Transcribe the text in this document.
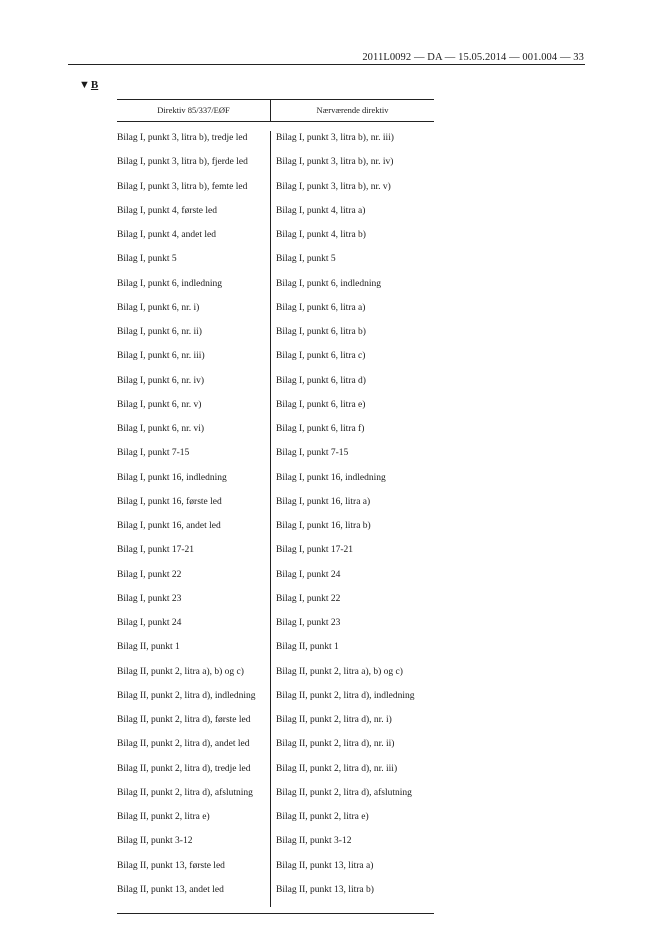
2011L0092 — DA — 15.05.2014 — 001.004 — 33
▼B
Direktiv 85/337/EØF	Nærværende direktiv
Bilag I, punkt 3, litra b), tredje led	Bilag I, punkt 3, litra b), nr. iii)
Bilag I, punkt 3, litra b), fjerde led	Bilag I, punkt 3, litra b), nr. iv)
Bilag I, punkt 3, litra b), femte led	Bilag I, punkt 3, litra b), nr. v)
Bilag I, punkt 4, første led	Bilag I, punkt 4, litra a)
Bilag I, punkt 4, andet led	Bilag I, punkt 4, litra b)
Bilag I, punkt 5	Bilag I, punkt 5
Bilag I, punkt 6, indledning	Bilag I, punkt 6, indledning
Bilag I, punkt 6, nr. i)	Bilag I, punkt 6, litra a)
Bilag I, punkt 6, nr. ii)	Bilag I, punkt 6, litra b)
Bilag I, punkt 6, nr. iii)	Bilag I, punkt 6, litra c)
Bilag I, punkt 6, nr. iv)	Bilag I, punkt 6, litra d)
Bilag I, punkt 6, nr. v)	Bilag I, punkt 6, litra e)
Bilag I, punkt 6, nr. vi)	Bilag I, punkt 6, litra f)
Bilag I, punkt 7-15	Bilag I, punkt 7-15
Bilag I, punkt 16, indledning	Bilag I, punkt 16, indledning
Bilag I, punkt 16, første led	Bilag I, punkt 16, litra a)
Bilag I, punkt 16, andet led	Bilag I, punkt 16, litra b)
Bilag I, punkt 17-21	Bilag I, punkt 17-21
Bilag I, punkt 22	Bilag I, punkt 24
Bilag I, punkt 23	Bilag I, punkt 22
Bilag I, punkt 24	Bilag I, punkt 23
Bilag II, punkt 1	Bilag II, punkt 1
Bilag II, punkt 2, litra a), b) og c)	Bilag II, punkt 2, litra a), b) og c)
Bilag II, punkt 2, litra d), indledning	Bilag II, punkt 2, litra d), indledning
Bilag II, punkt 2, litra d), første led	Bilag II, punkt 2, litra d), nr. i)
Bilag II, punkt 2, litra d), andet led	Bilag II, punkt 2, litra d), nr. ii)
Bilag II, punkt 2, litra d), tredje led	Bilag II, punkt 2, litra d), nr. iii)
Bilag II, punkt 2, litra d), afslutning	Bilag II, punkt 2, litra d), afslutning
Bilag II, punkt 2, litra e)	Bilag II, punkt 2, litra e)
Bilag II, punkt 3-12	Bilag II, punkt 3-12
Bilag II, punkt 13, første led	Bilag II, punkt 13, litra a)
Bilag II, punkt 13, andet led	Bilag II, punkt 13, litra b)
